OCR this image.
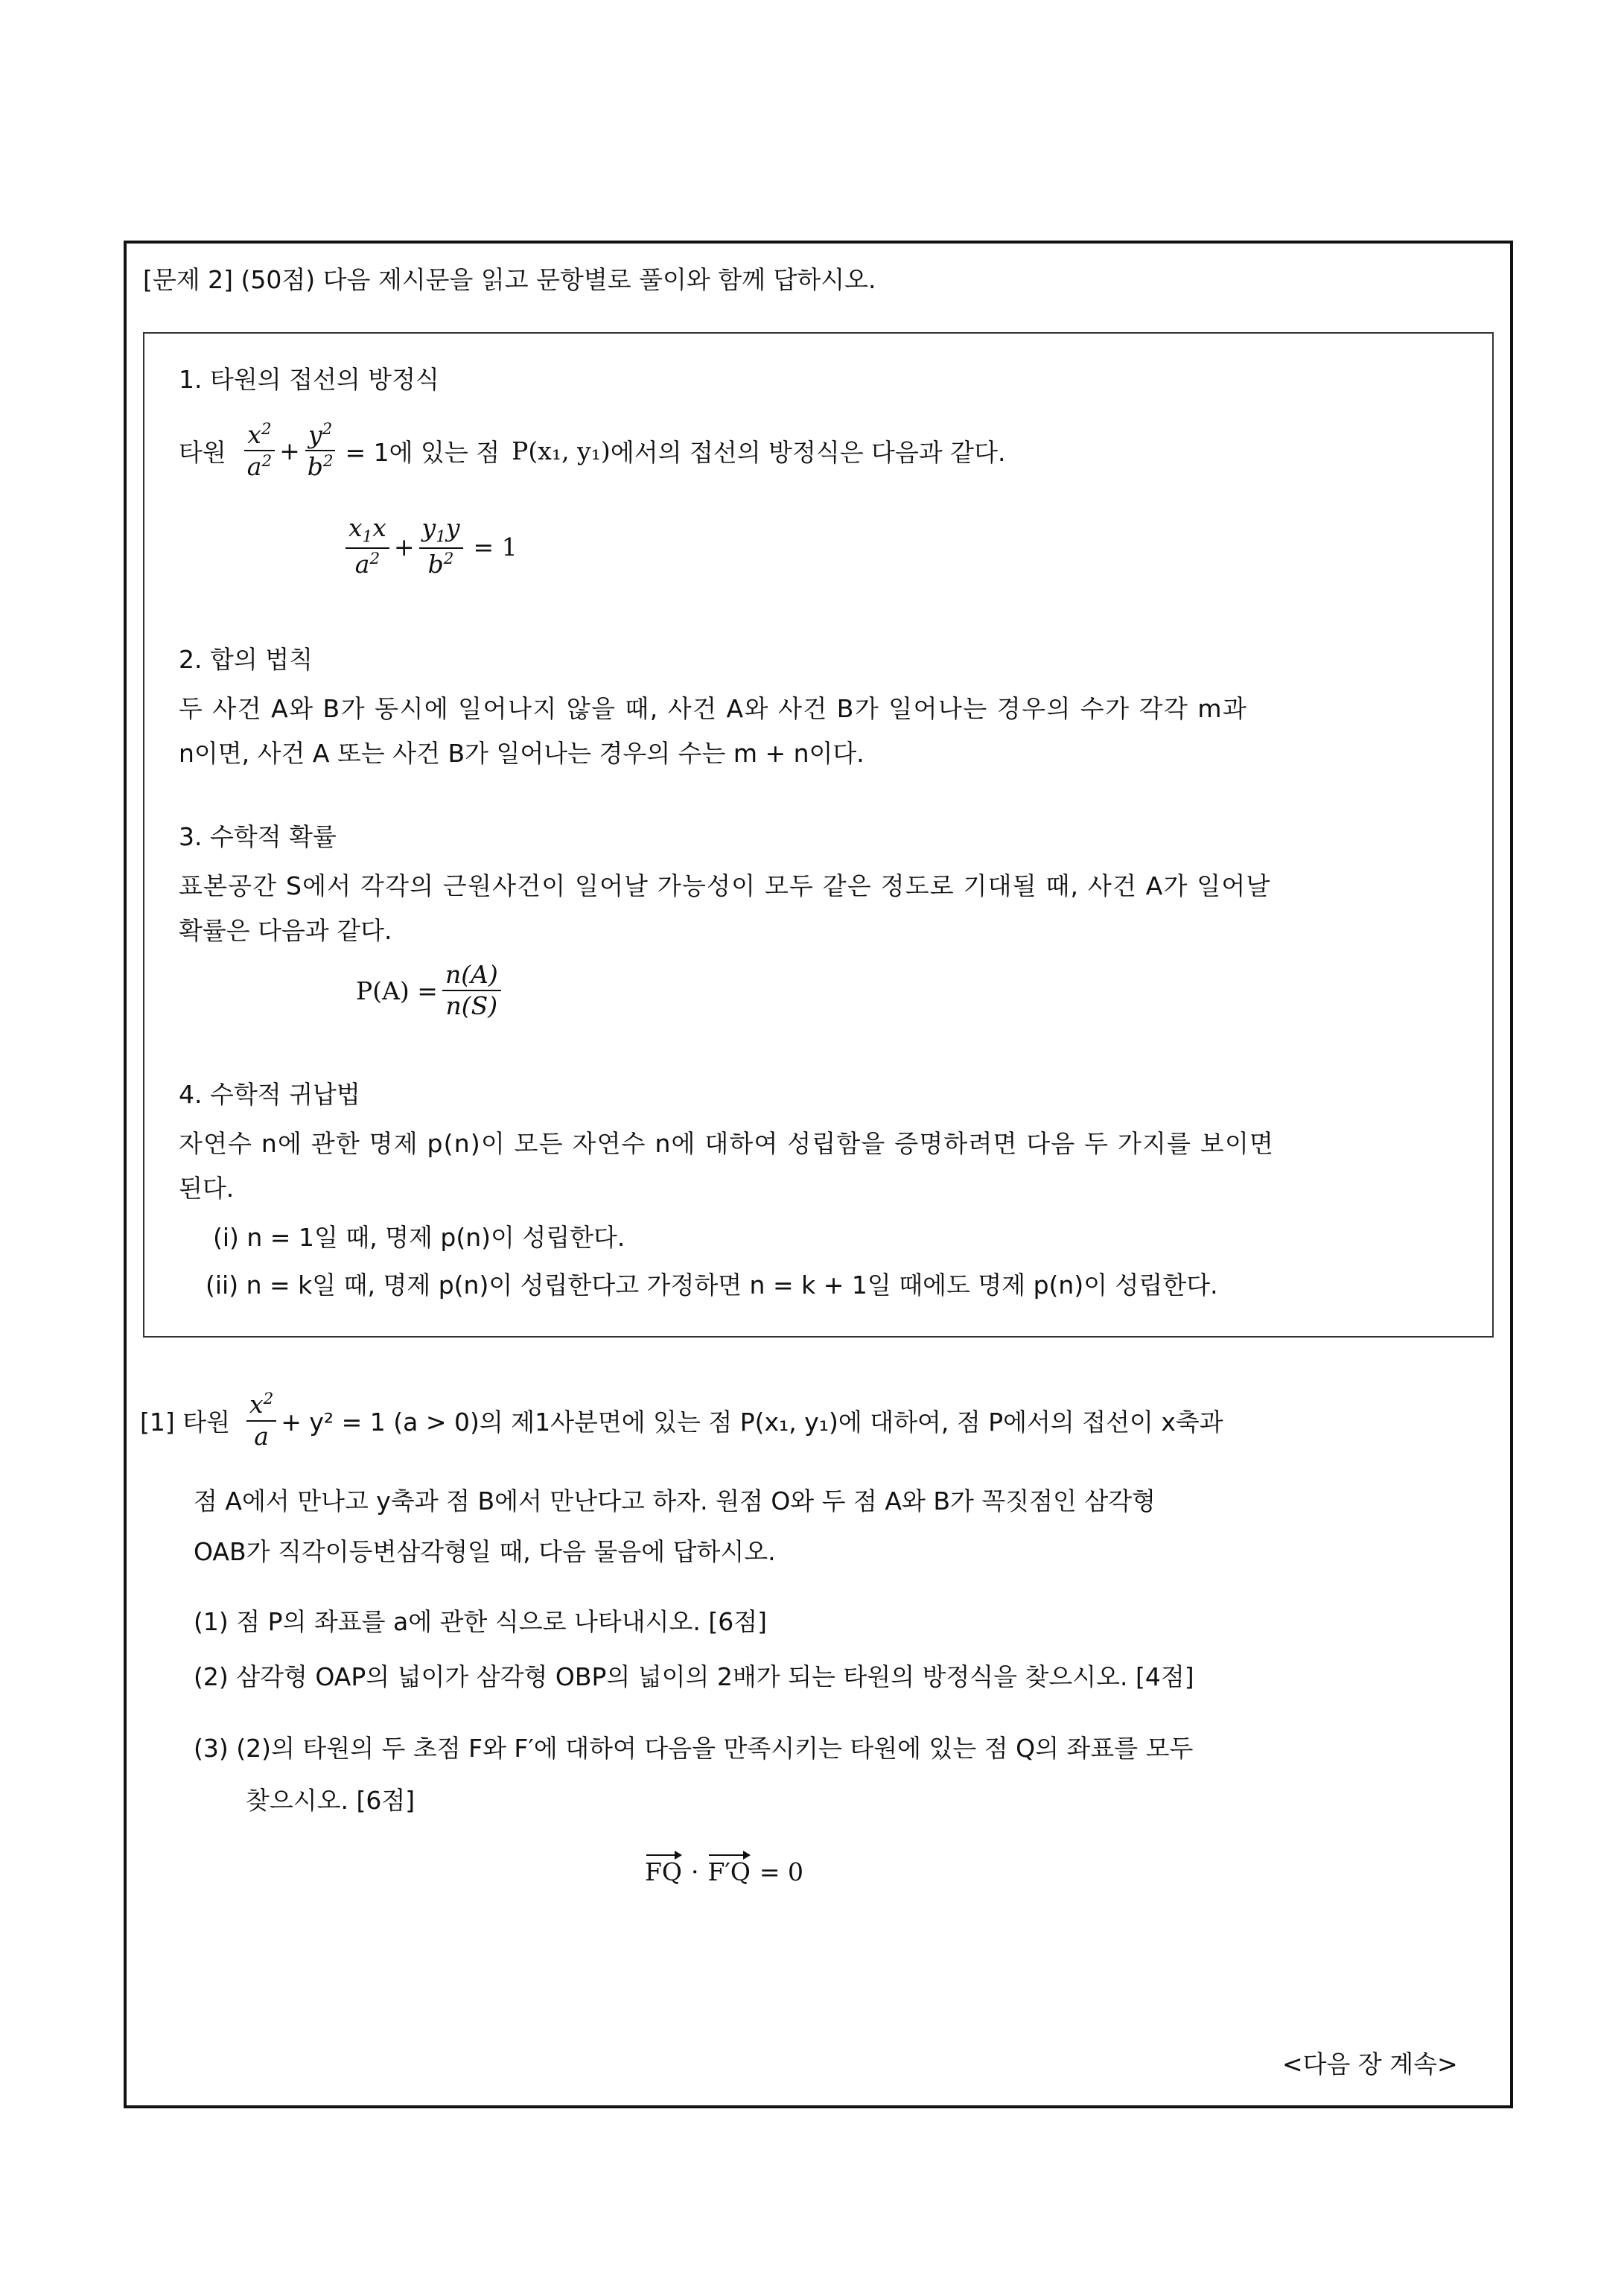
[문제 2] (50점) 다음 제시문을 읽고 문항별로 풀이와 함께 답하시오.
1. 타원의 접선의 방정식
타원 $\frac{x^2}{a^2} + \frac{y^2}{b^2} = 1$에 있는 점 P(x₁, y₁) 에서의 접선의 방정식은 다음과 같다.
$\frac{x_1x}{a^2} + \frac{y_1y}{b^2} = 1$
2. 합의 법칙
두 사건 A와 B가 동시에 일어나지 않을 때, 사건 A와 사건 B가 일어나는 경우의 수가 각각 m과
n이면, 사건 A 또는 사건 B가 일어나는 경우의 수는 m + n이다.
3. 수학적 확률
표본공간 S에서 각각의 근원사건이 일어날 가능성이 모두 같은 정도로 기대될 때, 사건 A가 일어날
확률은 다음과 같다.
$P(A) = \frac{n(A)}{n(S)}$
4. 수학적 귀납법
자연수 n에 관한 명제 p(n)이 모든 자연수 n에 대하여 성립함을 증명하려면 다음 두 가지를 보이면
된다.
(i) n = 1일 때, 명제 p(n)이 성립한다.
(ii) n = k일 때, 명제 p(n)이 성립한다고 가정하면 n = k + 1일 때에도 명제 p(n)이 성립한다.
[1] 타원 $\frac{x^2}{a} + y^2 = 1$ (a > 0)의 제1사분면에 있는 점 P(x₁, y₁)에 대하여, 점 P에서의 접선이 x축과
점 A에서 만나고 y축과 점 B에서 만난다고 하자. 원점 O와 두 점 A와 B가 꼭짓점인 삼각형
OAB가 직각이등변삼각형일 때, 다음 물음에 답하시오.
(1) 점 P의 좌표를 a에 관한 식으로 나타내시오. [6점]
(2) 삼각형 OAP의 넓이가 삼각형 OBP의 넓이의 2배가 되는 타원의 방정식을 찾으시오. [4점]
(3) (2)의 타원의 두 초점 F와 F′에 대하여 다음을 만족시키는 타원에 있는 점 Q의 좌표를 모두
찾으시오. [6점]
FQ · F′Q = 0
<다음 장 계속>
